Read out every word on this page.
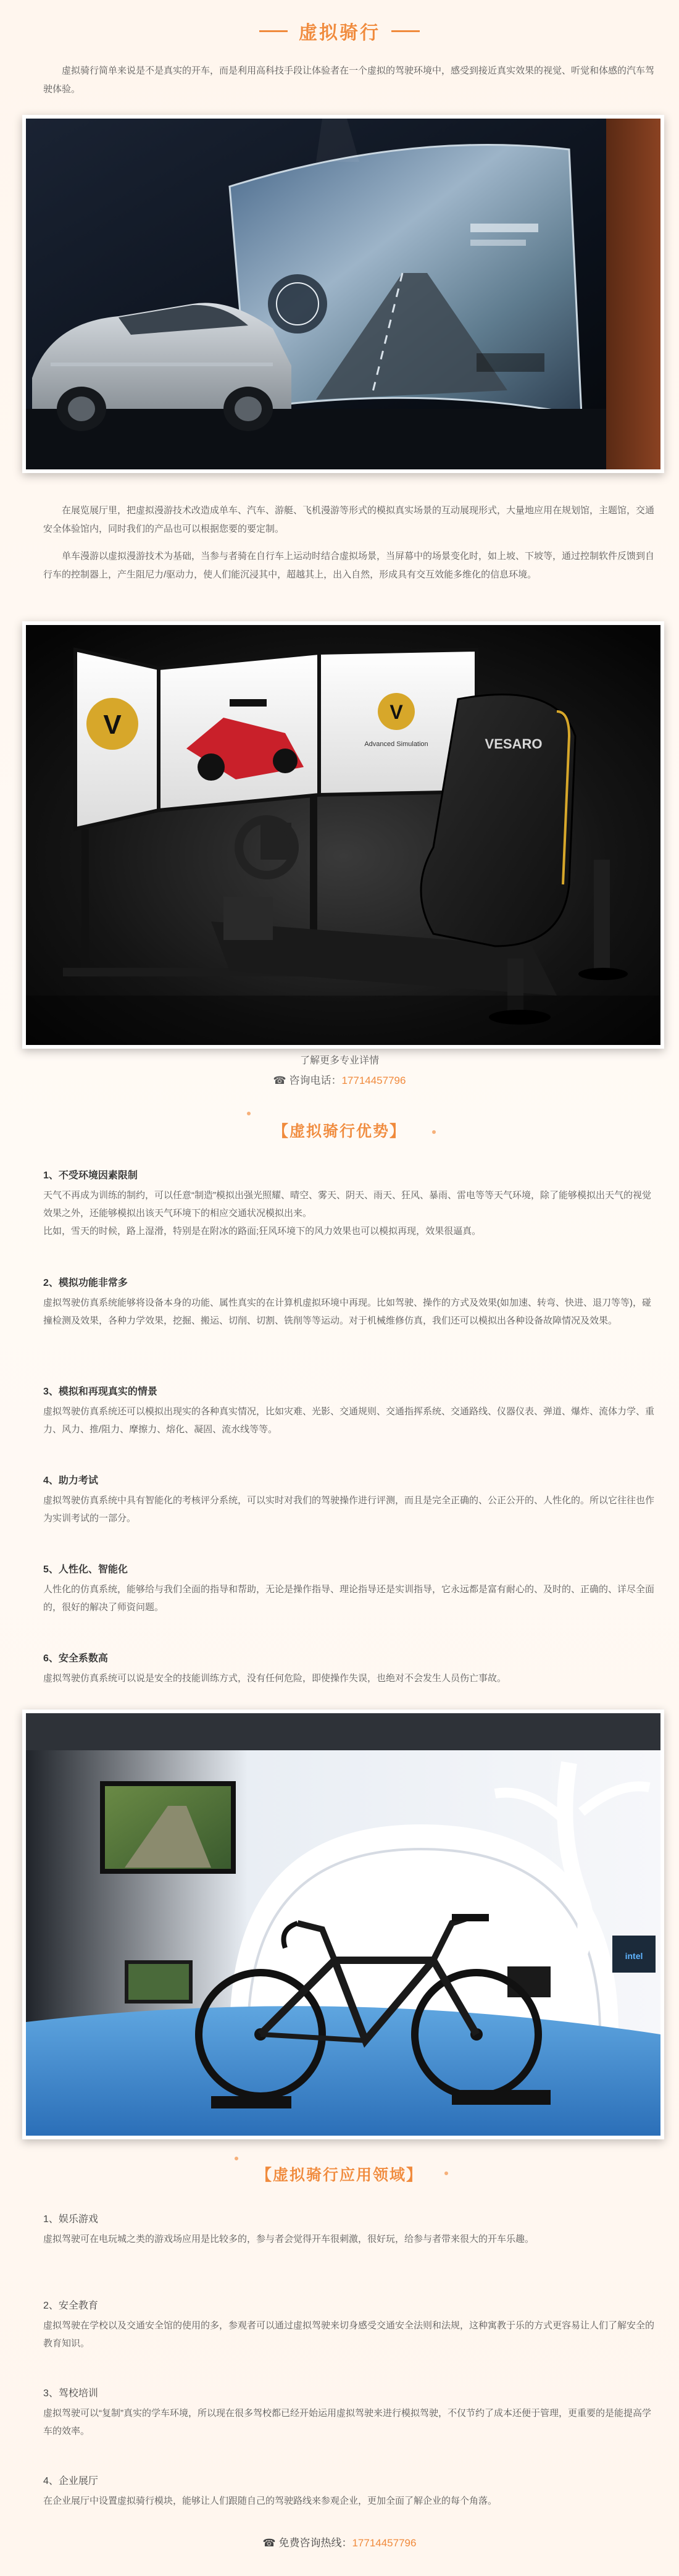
虚拟骑行

虚拟骑行简单来说是不是真实的开车，而是利用高科技手段让体验者在一个虚拟的驾驶环境中，感受到接近真实效果的视觉、听觉和体感的汽车驾驶体验。

在展览展厅里，把虚拟漫游技术改造成单车、汽车、游艇、飞机漫游等形式的模拟真实场景的互动展现形式，大量地应用在规划馆，主题馆，交通安全体验馆内，同时我们的产品也可以根据您要的要定制。

单车漫游以虚拟漫游技术为基础，当参与者骑在自行车上运动时结合虚拟场景，当屏幕中的场景变化时，如上坡、下坡等，通过控制软件反馈到自行车的控制器上，产生阻尼力/驱动力，使人们能沉浸其中，超越其上，出入自然，形成具有交互效能多维化的信息环境。

V	V
Advanced Simulation	VESARO
了解更多专业详情
☎ 咨询电话：17714457796
【虚拟骑行优势】

1、不受环境因素限制

天气不再成为训练的制约，可以任意“制造”模拟出强光照耀、晴空、雾天、阴天、雨天、狂风、暴雨、雷电等等天气环境，除了能够模拟出天气的视觉效果之外，还能够模拟出该天气环境下的相应交通状况模拟出来。
比如，雪天的时候，路上湿滑，特别是在附冰的路面;狂风环境下的风力效果也可以模拟再现，效果很逼真。

2、模拟功能非常多

虚拟驾驶仿真系统能够将设备本身的功能、属性真实的在计算机虚拟环境中再现。比如驾驶、操作的方式及效果(如加速、转弯、快进、退刀等等)，碰撞检测及效果，各种力学效果，挖掘、搬运、切削、切割、铣削等等运动。对于机械维修仿真，我们还可以模拟出各种设备故障情况及效果。

3、模拟和再现真实的情景

虚拟驾驶仿真系统还可以模拟出现实的各种真实情况，比如灾难、光影、交通规则、交通指挥系统、交通路线、仪器仪表、弹道、爆炸、流体力学、重力、风力、推/阻力、摩擦力、熔化、凝固、流水线等等。

4、助力考试

虚拟驾驶仿真系统中具有智能化的考核评分系统，可以实时对我们的驾驶操作进行评测，而且是完全正确的、公正公开的、人性化的。所以它往往也作为实训考试的一部分。

5、人性化、智能化

人性化的仿真系统，能够给与我们全面的指导和帮助，无论是操作指导、理论指导还是实训指导，它永远都是富有耐心的、及时的、正确的、详尽全面的，很好的解决了师资问题。

6、安全系数高

虚拟驾驶仿真系统可以说是安全的技能训练方式，没有任何危险，即使操作失误，也绝对不会发生人员伤亡事故。

intel
【虚拟骑行应用领域】

1、娱乐游戏

虚拟驾驶可在电玩城之类的游戏场应用是比较多的，参与者会觉得开车很刺激，很好玩，给参与者带来很大的开车乐趣。

2、安全教育

虚拟驾驶在学校以及交通安全馆的使用的多，参观者可以通过虚拟驾驶来切身感受交通安全法则和法规，这种寓教于乐的方式更容易让人们了解安全的教育知识。

3、驾校培训

虚拟驾驶可以“复制”真实的学车环境，所以现在很多驾校都已经开始运用虚拟驾驶来进行模拟驾驶，不仅节约了成本还便于管理，更重要的是能提高学车的效率。

4、企业展厅

在企业展厅中设置虚拟骑行模块，能够让人们跟随自己的驾驶路线来参观企业，更加全面了解企业的每个角落。

☎ 免费咨询热线：17714457796
